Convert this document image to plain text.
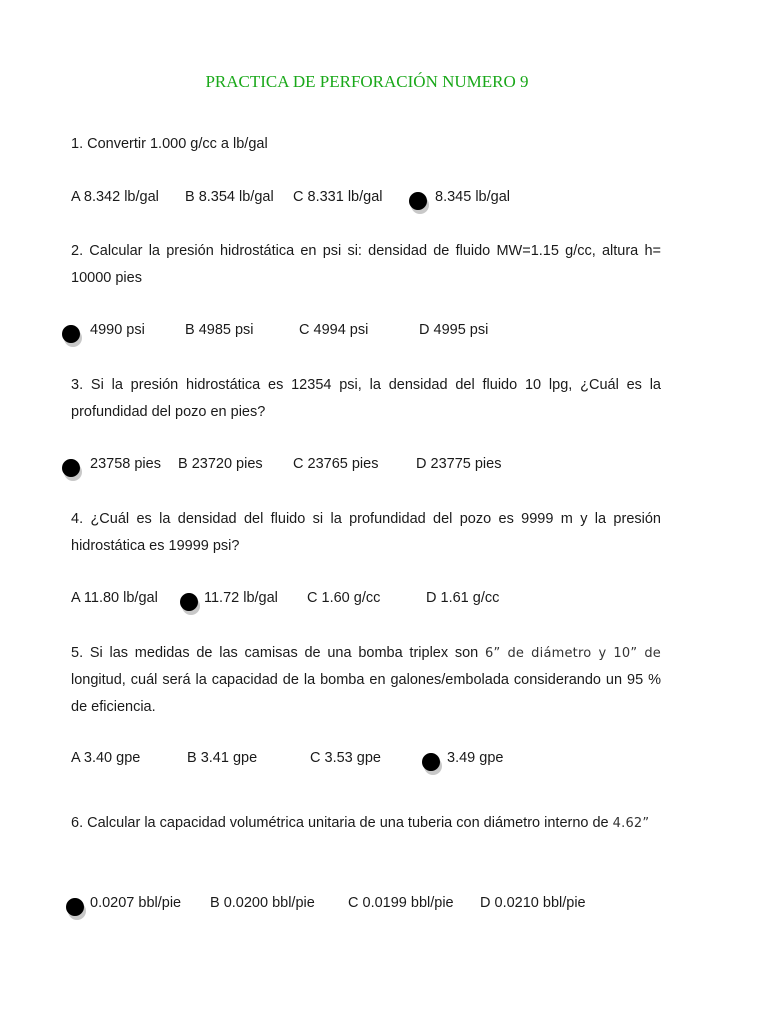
PRACTICA DE PERFORACIÓN NUMERO 9
1. Convertir 1.000 g/cc a lb/gal
A 8.342 lb/gal B 8.354 lb/gal C 8.331 lb/gal	8.345 lb/gal
2. Calcular la presión hidrostática en psi si: densidad de fluido MW=1.15 g/cc, altura h= 10000 pies
4990 psi	B 4985 psi	C 4994 psi	D 4995 psi
3. Si la presión hidrostática es 12354 psi, la densidad del fluido 10 lpg, ¿Cuál es la profundidad del pozo en pies?
23758 pies B 23720 pies C 23765 pies	D 23775 pies
4. ¿Cuál es la densidad del fluido si la profundidad del pozo es 9999 m y la presión hidrostática es 19999 psi?
A 11.80 lb/gal	11.72 lb/gal C 1.60 g/cc	D 1.61 g/cc
5. Si las medidas de las camisas de una bomba triplex son 6” de diámetro y 10” de longitud, cuál será la capacidad de la bomba en galones/embolada considerando un 95 % de eficiencia.
A 3.40 gpe	B 3.41 gpe	C 3.53 gpe	3.49 gpe
6. Calcular la capacidad volumétrica unitaria de una tuberia con diámetro interno de 4.62”
0.0207 bbl/pie B 0.0200 bbl/pie C 0.0199 bbl/pie D 0.0210 bbl/pie
